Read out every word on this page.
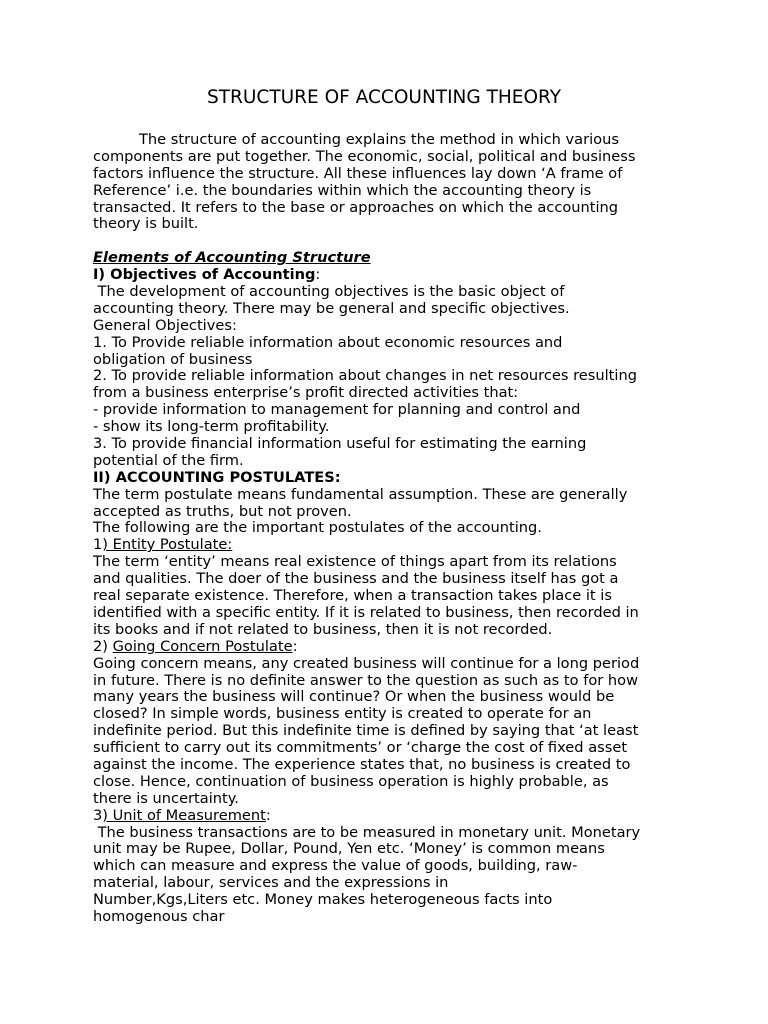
STRUCTURE OF ACCOUNTING THEORY
The structure of accounting explains the method in which various
components are put together. The economic, social, political and business
factors influence the structure. All these influences lay down ‘A frame of
Reference’ i.e. the boundaries within which the accounting theory is
transacted. It refers to the base or approaches on which the accounting
theory is built.
Elements of Accounting Structure
I) Objectives of Accounting:
The development of accounting objectives is the basic object of
accounting theory. There may be general and specific objectives.
General Objectives:
1. To Provide reliable information about economic resources and
obligation of business
2. To provide reliable information about changes in net resources resulting
from a business enterprise’s profit directed activities that:
- provide information to management for planning and control and
- show its long-term profitability.
3. To provide financial information useful for estimating the earning
potential of the firm.
II) ACCOUNTING POSTULATES:
The term postulate means fundamental assumption. These are generally
accepted as truths, but not proven.
The following are the important postulates of the accounting.
1) Entity Postulate:
The term ‘entity’ means real existence of things apart from its relations
and qualities. The doer of the business and the business itself has got a
real separate existence. Therefore, when a transaction takes place it is
identified with a specific entity. If it is related to business, then recorded in
its books and if not related to business, then it is not recorded.
2) Going Concern Postulate:
Going concern means, any created business will continue for a long period
in future. There is no definite answer to the question as such as to for how
many years the business will continue? Or when the business would be
closed? In simple words, business entity is created to operate for an
indefinite period. But this indefinite time is defined by saying that ‘at least
sufficient to carry out its commitments’ or ‘charge the cost of fixed asset
against the income. The experience states that, no business is created to
close. Hence, continuation of business operation is highly probable, as
there is uncertainty.
3) Unit of Measurement:
The business transactions are to be measured in monetary unit. Monetary
unit may be Rupee, Dollar, Pound, Yen etc. ‘Money’ is common means
which can measure and express the value of goods, building, raw-
material, labour, services and the expressions in
Number,Kgs,Liters etc. Money makes heterogeneous facts into
homogenous char
